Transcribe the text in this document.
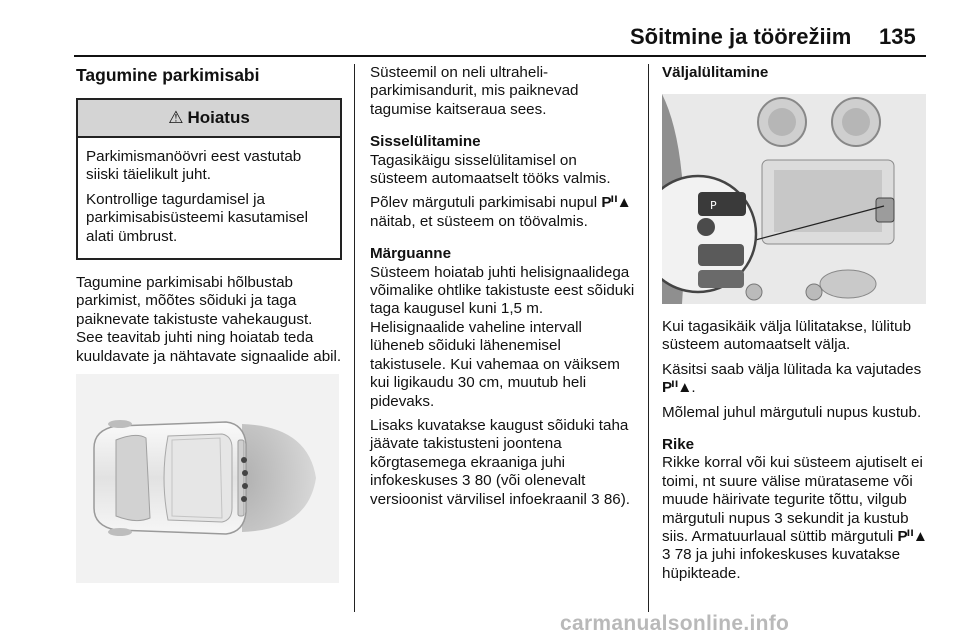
Sõitmine ja töörežiim 135
Tagumine parkimisabi
⚠ Hoiatus

Parkimismanöövri eest vastutab siiski täielikult juht.

Kontrollige tagurdamisel ja parkimisabisüsteemi kasutamisel alati ümbrust.

Tagumine parkimisabi hõlbustab parkimist, mõõtes sõiduki ja taga paiknevate takistuste vahekaugust. See teavitab juhti ning hoiatab teda kuuldavate ja nähtavate signaalide abil.

Süsteemil on neli ultraheli-parkimisandurit, mis paiknevad tagumise kaitseraua sees.

Sisselülitamine

Tagasikäigu sisselülitamisel on süsteem automaatselt tööks valmis.

Põlev märgutuli parkimisabi nupul Pᐦ▲ näitab, et süsteem on töövalmis.

Märguanne

Süsteem hoiatab juhti helisignaalidega võimalike ohtlike takistuste eest sõiduki taga kaugusel kuni 1,5 m. Helisignaalide vaheline intervall lüheneb sõiduki lähenemisel takistusele. Kui vahemaa on väiksem kui ligikaudu 30 cm, muutub heli pidevaks.

Lisaks kuvatakse kaugust sõiduki taha jäävate takistusteni joontena kõrgtasemega ekraaniga juhi infokeskuses 3 80 (või olenevalt versioonist värvilisel infoekraanil 3 86).

Väljalülitamine
P

Kui tagasikäik välja lülitatakse, lülitub süsteem automaatselt välja.

Käsitsi saab välja lülitada ka vajutades Pᐦ▲.

Mõlemal juhul märgutuli nupus kustub.

Rike

Rikke korral või kui süsteem ajutiselt ei toimi, nt suure välise mürataseme või muude häirivate tegurite tõttu, vilgub märgutuli nupus 3 sekundit ja kustub siis. Armatuurlaual süttib märgutuli Pᐦ▲ 3 78 ja juhi infokeskuses kuvatakse hüpikteade.

carmanualsonline.info
